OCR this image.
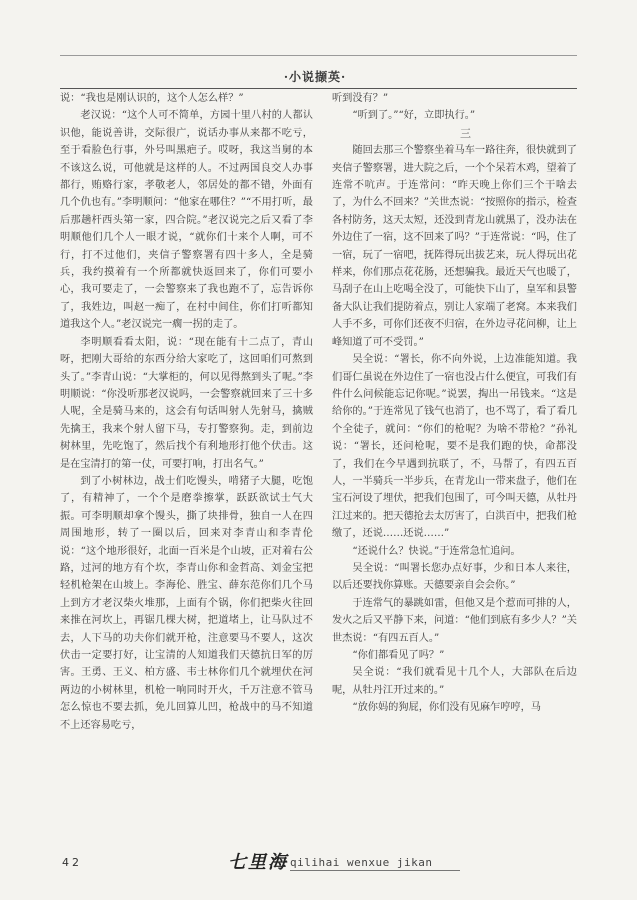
·小说撷英·

说：“我也是刚认识的，这个人怎么样？”

老汉说：“这个人可不简单，方园十里八村的人都认识他，能说善讲，交际很广，说话办事从来都不吃亏，至于看脸色行事，外号叫黑疤子。哎呀，我这当舅的本不该这么说，可他就是这样的人。不过两国良交人办事都行，贿赂行家，孝敬老人，邻居处的都不错，外面有几个仇也有。”李明顺问：“他家在哪住？”“不用打听，最后那趟杆西头第一家，四合院。”老汉说完之后又看了李明顺他们几个人一眼才说，“就你们十来个人啊，可不行，打不过他们，夹信子警察署有四十多人，全是骑兵，我约摸着有一个所都就快返回来了，你们可要小心，我可要走了，一会警察来了我也跑不了，忘告诉你了，我姓边，叫赵一痴了，在村中间住，你们打听都知道我这个人。”老汉说完一瘸一拐的走了。

李明顺看看太阳，说：“现在能有十二点了，青山呀，把刚大哥给的东西分给大家吃了，这回咱们可熬到头了。”李青山说：“大掌柜的，何以见得熬到头了呢。”李明顺说：“你没听那老汉说吗，一会警察就回来了三十多人呢，全是骑马来的，这会有句话叫射人先射马，擒贼先擒王，我来个射人留下马，专打警察狗。走，到前边树林里，先吃饱了，然后找个有利地形打他个伏击。这是在宝清打的第一仗，可要打响，打出名气。”

到了小树林边，战士们吃馒头，啃猪子大腿，吃饱了，有精神了，一个个是磨拳擦掌，跃跃欲试士气大振。可李明顺却拿个馒头，撕了块排骨，独自一人在四周围地形，转了一圈以后，回来对李青山和李青伦说：“这个地形很好，北面一百米是个山坡，正对着右公路，过河的地方有个坎，李青山你和金哲高、刘金宝把轻机枪架在山坡上。李海伦、胜宝、薛东范你们几个马上到方才老汉柴火堆那，上面有个锅，你们把柴火往回来推在河坎上，再锯几棵大树，把道堵上，让马队过不去，人下马的功夫你们就开枪，注意要马不要人，这次伏击一定要打好，让宝清的人知道我们天德抗日军的厉害。王勇、王义、柏方盛、韦士林你们几个就埋伏在河两边的小树林里，机枪一响同时开火，千万注意不管马怎么惊也不要去抓，免儿回算儿凹，枪战中的马不知道不上还容易吃亏，

听到没有？”

“听到了。”“好，立即执行。”

三

随回去那三个警察坐着马车一路往奔，很快就到了夹信子警察署，进大院之后，一个个呆若木鸡，望着了连常不吭声。于连常问：“昨天晚上你们三个干啥去了，为什么不回来？”关世杰说：“按照你的指示，检查各村防务，这天太短，还没到青龙山就黑了，没办法在外边住了一宿，这不回来了吗？”于连常说：“吗，住了一宿，玩了一宿吧，抚阵得玩出拔艺来，玩人得玩出花样来，你们那点花花肠，还想骗我。最近天气也暖了，马刮子在山上吃喝全没了，可能快下山了，皇军和县警备大队让我们提防着点，别让人家端了老窝。本来我们人手不多，可你们还夜不归宿，在外边寻花问柳，让上峰知道了可不受罚。”

吴全说：“署长，你不向外说，上边准能知道。我们哥仁虽说在外边住了一宿也没占什么便宜，可我们有件什么问候能忘记你呢。”说罢，掏出一吊钱来。“这是给你的。”于连常见了钱气也消了，也不骂了，看了看几个全徒子，就问：“你们的枪呢？为啥不带枪？”孙礼说：“署长，还问枪呢，要不是我们跑的快，命都没了，我们在今早遇到抗联了，不，马帮了，有四五百人，一半骑兵一半步兵，在青龙山一带来盘子，他们在宝石河设了埋伏，把我们包围了，可今叫天德，从牡丹江过来的。把天德抢去太厉害了，白洪百中，把我们枪缴了，还说……还说……”

“还说什么？快说。”于连常急忙追问。

吴全说：“叫署长您办点好事，少和日本人来往，以后还要找你算账。天德要亲自会会你。”

于连常气的暴跳如雷，但他又是个惹而可排的人，发火之后又平静下来，问道：“他们到底有多少人？”关世杰说：“有四五百人。”

“你们都看见了吗？”

吴全说：“我们就看见十几个人，大部队在后边呢，从牡丹江开过来的。”

“放你妈的狗屁，你们没有见麻乍哼哼，马

42	七里海 qilihai wenxue jikan
